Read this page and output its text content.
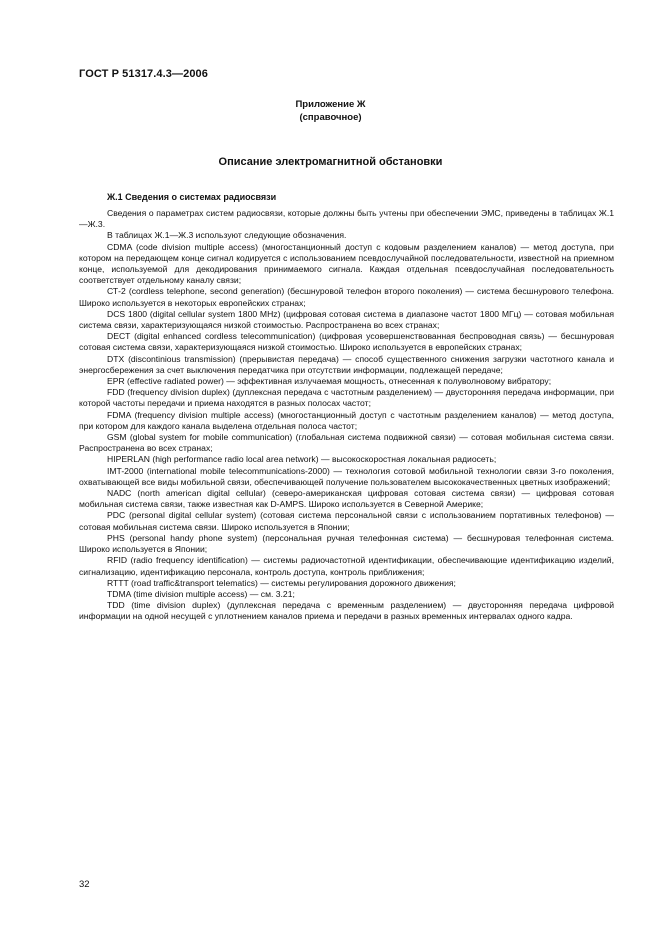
ГОСТ Р 51317.4.3—2006
Приложение Ж
(справочное)
Описание электромагнитной обстановки
Ж.1 Сведения о системах радиосвязи

Сведения о параметрах систем радиосвязи, которые должны быть учтены при обеспечении ЭМС, приведены в таблицах Ж.1—Ж.3.

В таблицах Ж.1—Ж.3 используют следующие обозначения.

CDMA (code division multiple access) (многостанционный доступ с кодовым разделением каналов) — метод доступа, при котором на передающем конце сигнал кодируется с использованием псевдослучайной последовательности, известной на приемном конце, используемой для декодирования принимаемого сигнала. Каждая отдельная псевдослучайная последовательность соответствует отдельному каналу связи;

СТ-2 (cordless telephone, second generation) (бесшнуровой телефон второго поколения) — система бесшнурового телефона. Широко используется в некоторых европейских странах;

DCS 1800 (digital cellular system 1800 MHz) (цифровая сотовая система в диапазоне частот 1800 МГц) — сотовая мобильная система связи, характеризующаяся низкой стоимостью. Распространена во всех странах;

DECT (digital enhanced cordless telecommunication) (цифровая усовершенствованная беспроводная связь) — бесшнуровая сотовая система связи, характеризующаяся низкой стоимостью. Широко используется в европейских странах;

DTX (discontinious transmission) (прерывистая передача) — способ существенного снижения загрузки частотного канала и энергосбережения за счет выключения передатчика при отсутствии информации, подлежащей передаче;

EPR (effective radiated power) — эффективная излучаемая мощность, отнесенная к полуволновому вибратору;

FDD (frequency division duplex) (дуплексная передача с частотным разделением) — двусторонняя передача информации, при которой частоты передачи и приема находятся в разных полосах частот;

FDMA (frequency division multiple access) (многостанционный доступ с частотным разделением каналов) — метод доступа, при котором для каждого канала выделена отдельная полоса частот;

GSM (global system for mobile communication) (глобальная система подвижной связи) — сотовая мобильная система связи. Распространена во всех странах;

HIPERLAN (high performance radio local area network) — высокоскоростная локальная радиосеть;

IMT-2000 (international mobile telecommunications-2000) — технология сотовой мобильной технологии связи 3-го поколения, охватывающей все виды мобильной связи, обеспечивающей получение пользователем высококачественных цветных изображений;

NADC (north american digital cellular) (северо-американская цифровая сотовая система связи) — цифровая сотовая мобильная система связи, также известная как D-AMPS. Широко используется в Северной Америке;

PDC (personal digital cellular system) (сотовая система персональной связи с использованием портативных телефонов) — сотовая мобильная система связи. Широко используется в Японии;

PHS (personal handy phone system) (персональная ручная телефонная система) — бесшнуровая телефонная система. Широко используется в Японии;

RFID (radio frequency identification) — системы радиочастотной идентификации, обеспечивающие идентификацию изделий, сигнализацию, идентификацию персонала, контроль доступа, контроль приближения;

RTTT (road traffic&transport telematics) — системы регулирования дорожного движения;

TDMA (time division multiple access) — см. 3.21;

TDD (time division duplex) (дуплексная передача с временным разделением) — двусторонняя передача цифровой информации на одной несущей с уплотнением каналов приема и передачи в разных временных интервалах одного кадра.

32
